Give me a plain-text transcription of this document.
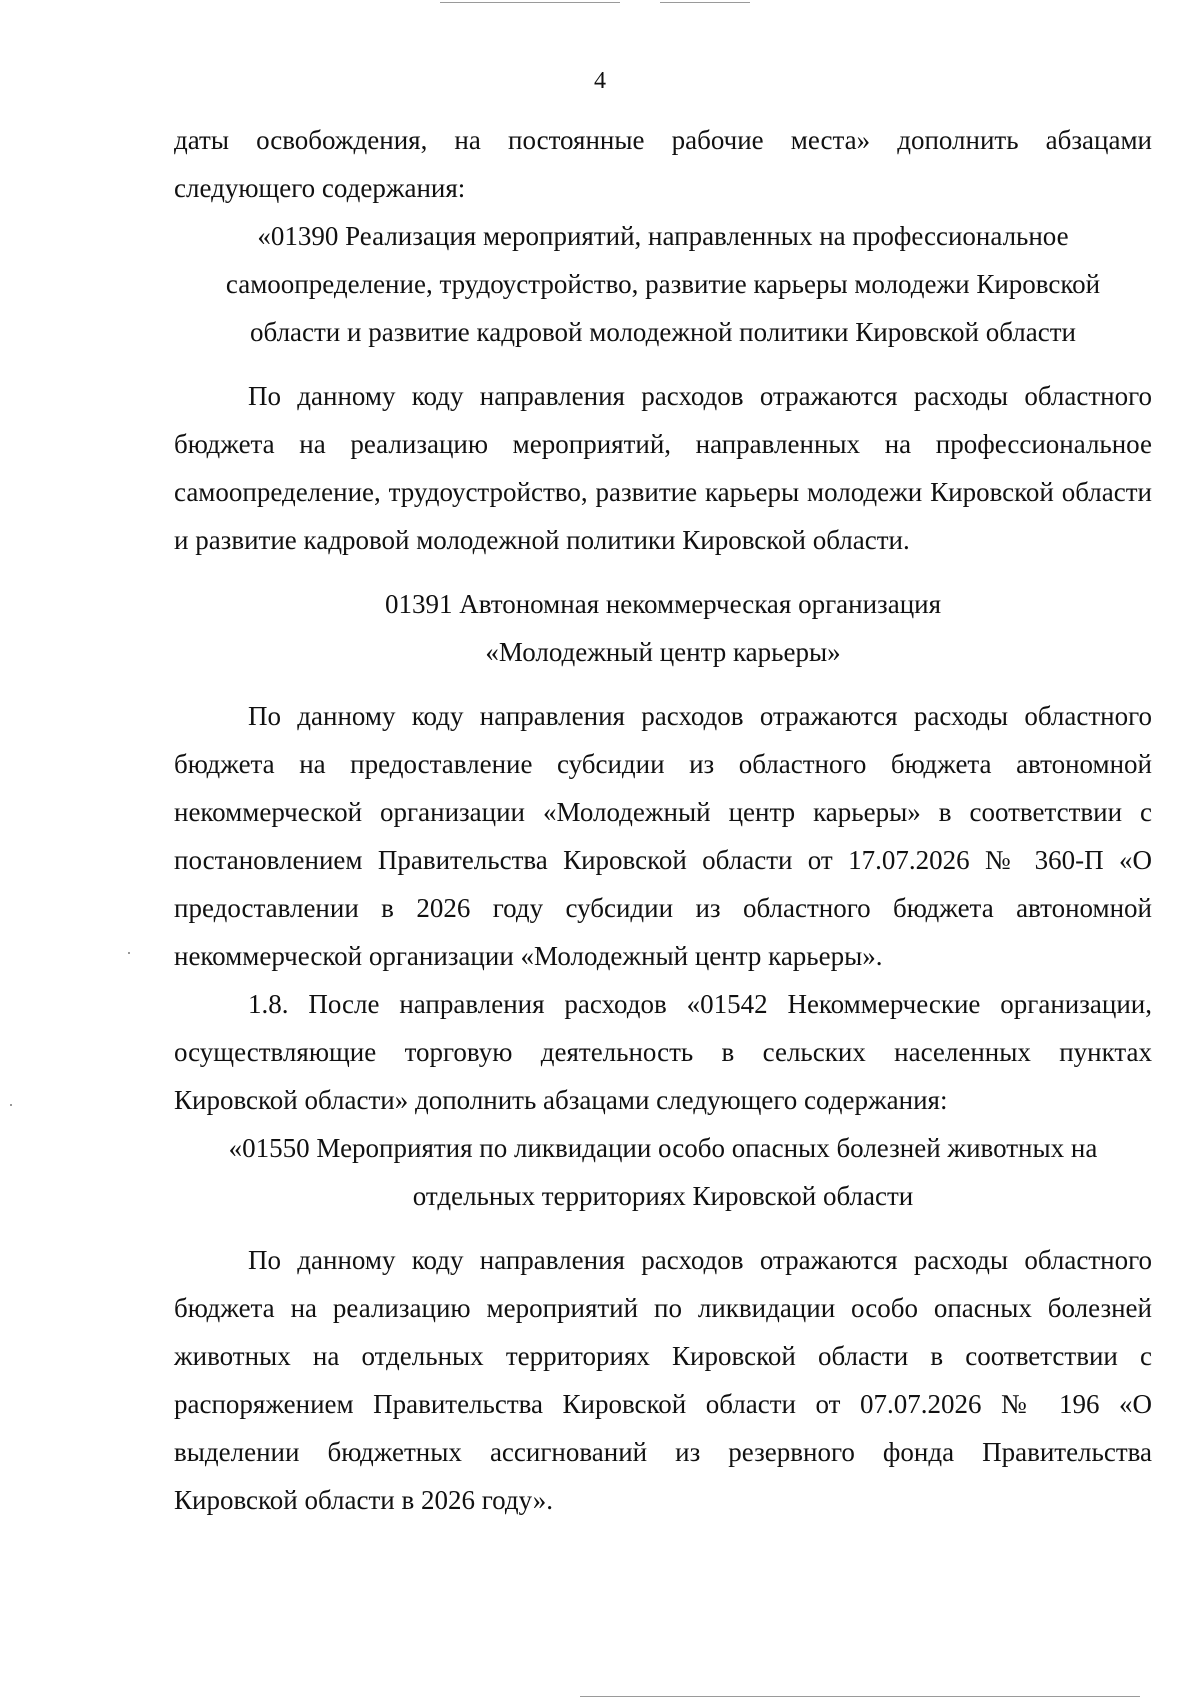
4

даты освобождения, на постоянные рабочие места» дополнить абзацами следующего содержания:

«01390 Реализация мероприятий, направленных на профессиональное самоопределение, трудоустройство, развитие карьеры молодежи Кировской области и развитие кадровой молодежной политики Кировской области

По данному коду направления расходов отражаются расходы областного бюджета на реализацию мероприятий, направленных на профессиональное самоопределение, трудоустройство, развитие карьеры молодежи Кировской области и развитие кадровой молодежной политики Кировской области.

01391 Автономная некоммерческая организация «Молодежный центр карьеры»

По данному коду направления расходов отражаются расходы областного бюджета на предоставление субсидии из областного бюджета автономной некоммерческой организации «Молодежный центр карьеры» в соответствии с постановлением Правительства Кировской области от 17.07.2026 № 360-П «О предоставлении в 2026 году субсидии из областного бюджета автономной некоммерческой организации «Молодежный центр карьеры».

1.8. После направления расходов «01542 Некоммерческие организации, осуществляющие торговую деятельность в сельских населенных пунктах Кировской области» дополнить абзацами следующего содержания:

«01550 Мероприятия по ликвидации особо опасных болезней животных на отдельных территориях Кировской области

По данному коду направления расходов отражаются расходы областного бюджета на реализацию мероприятий по ликвидации особо опасных болезней животных на отдельных территориях Кировской области в соответствии с распоряжением Правительства Кировской области от 07.07.2026 № 196 «О выделении бюджетных ассигнований из резервного фонда Правительства Кировской области в 2026 году».
